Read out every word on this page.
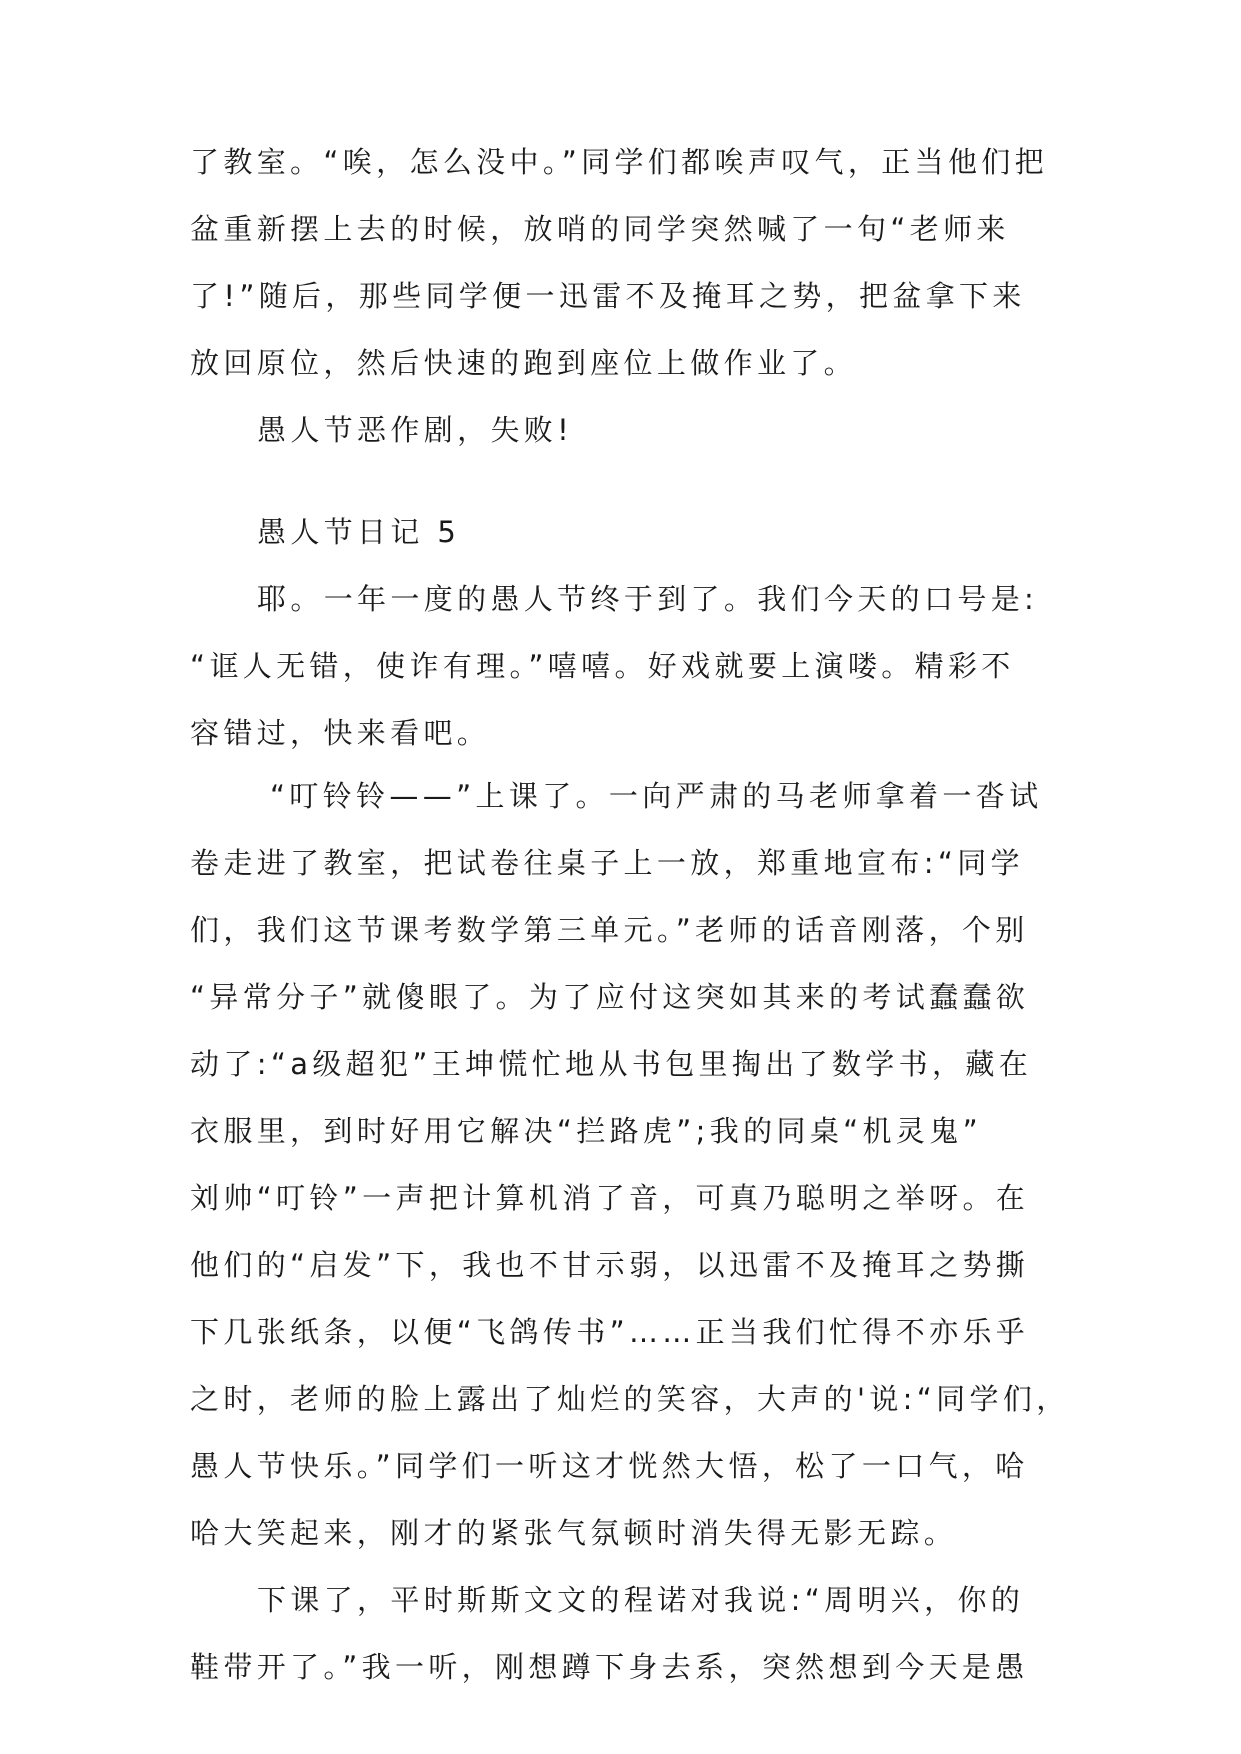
了教室。“唉，怎么没中。”同学们都唉声叹气，正当他们把
盆重新摆上去的时候，放哨的同学突然喊了一句“老师来
了!”随后，那些同学便一迅雷不及掩耳之势，把盆拿下来
放回原位，然后快速的跑到座位上做作业了。
愚人节恶作剧，失败!
愚人节日记 5
耶。一年一度的愚人节终于到了。我们今天的口号是:
“诓人无错，使诈有理。”嘻嘻。好戏就要上演喽。精彩不
容错过，快来看吧。
“叮铃铃——”上课了。一向严肃的马老师拿着一沓试
卷走进了教室，把试卷往桌子上一放，郑重地宣布:“同学
们，我们这节课考数学第三单元。”老师的话音刚落，个别
“异常分子”就傻眼了。为了应付这突如其来的考试蠢蠢欲
动了:“a级超犯”王坤慌忙地从书包里掏出了数学书，藏在
衣服里，到时好用它解决“拦路虎”;我的同桌“机灵鬼”
刘帅“叮铃”一声把计算机消了音，可真乃聪明之举呀。在
他们的“启发”下，我也不甘示弱，以迅雷不及掩耳之势撕
下几张纸条，以便“飞鸽传书”……正当我们忙得不亦乐乎
之时，老师的脸上露出了灿烂的笑容，大声的'说:“同学们，
愚人节快乐。”同学们一听这才恍然大悟，松了一口气，哈
哈大笑起来，刚才的紧张气氛顿时消失得无影无踪。
下课了，平时斯斯文文的程诺对我说:“周明兴，你的
鞋带开了。”我一听，刚想蹲下身去系，突然想到今天是愚
